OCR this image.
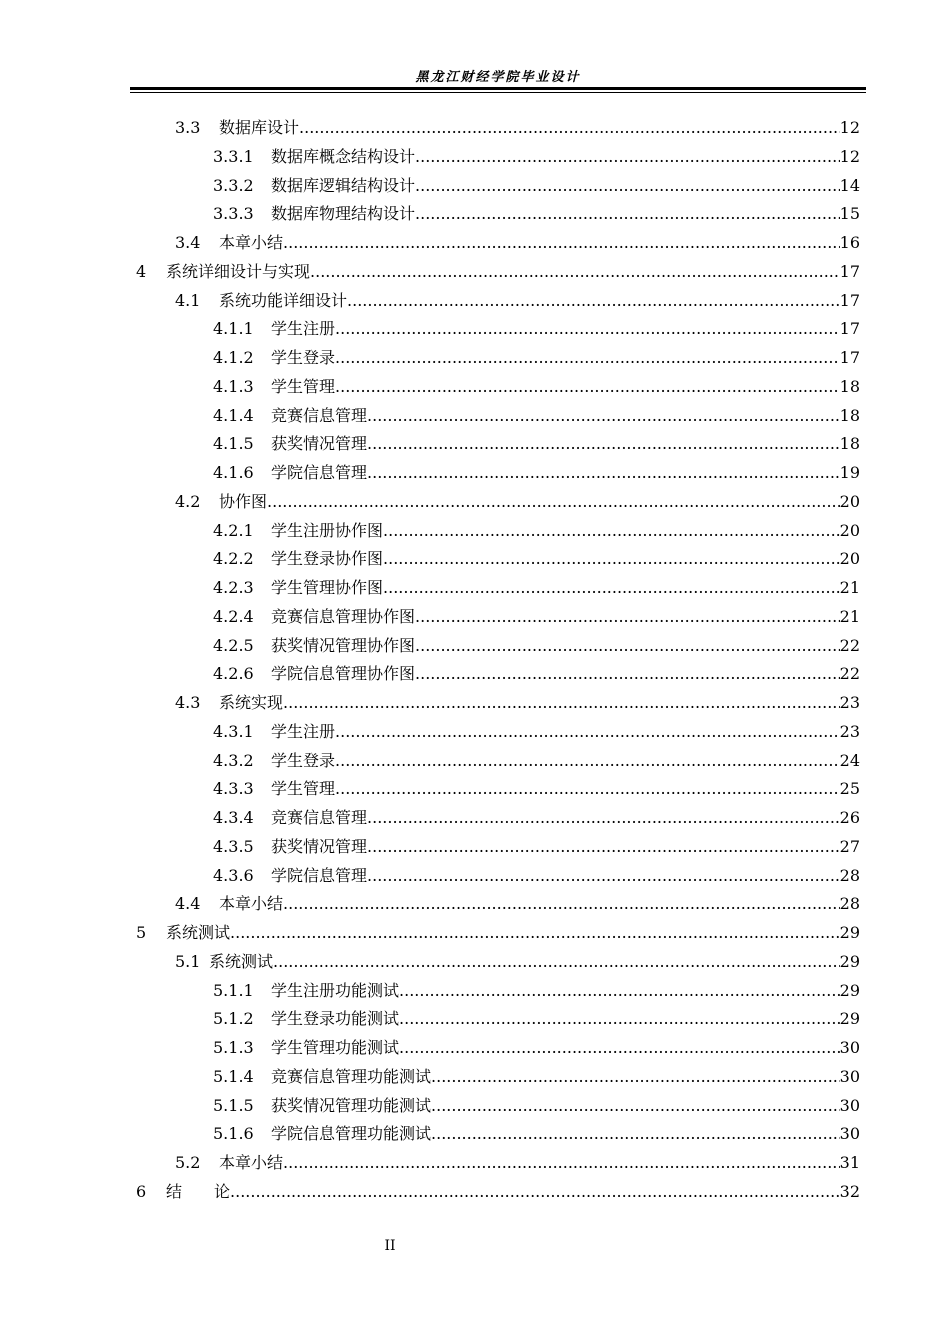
黑龙江财经学院毕业设计
.....
3.3	数据库设计	12
.....
3.3.1	数据库概念结构设计	12
.....
3.3.2	数据库逻辑结构设计	14
.....
3.3.3	数据库物理结构设计	15
.....
3.4	本章小结	16
.....
4	系统详细设计与实现	17
.....
4.1	系统功能详细设计	17
.....
4.1.1	学生注册	17
.....
4.1.2	学生登录	17
.....
4.1.3	学生管理	18
.....
4.1.4	竞赛信息管理	18
.....
4.1.5	获奖情况管理	18
.....
4.1.6	学院信息管理	19
.....
4.2	协作图	20
.....
4.2.1	学生注册协作图	20
.....
4.2.2	学生登录协作图	20
.....
4.2.3	学生管理协作图	21
.....
4.2.4	竞赛信息管理协作图	21
.....
4.2.5	获奖情况管理协作图	22
.....
4.2.6	学院信息管理协作图	22
.....
4.3	系统实现	23
.....
4.3.1	学生注册	23
.....
4.3.2	学生登录	24
.....
4.3.3	学生管理	25
.....
4.3.4	竞赛信息管理	26
.....
4.3.5	获奖情况管理	27
.....
4.3.6	学院信息管理	28
.....
4.4	本章小结	28
.....
5	系统测试	29
.....
5.1 系统测试	29
.....
5.1.1	学生注册功能测试	29
.....
5.1.2	学生登录功能测试	29
.....
5.1.3	学生管理功能测试	30
.....
5.1.4	竞赛信息管理功能测试	30
.....
5.1.5	获奖情况管理功能测试	30
.....
5.1.6	学院信息管理功能测试	30
.....
5.2	本章小结	31
.....
6	结　　论	32
II
